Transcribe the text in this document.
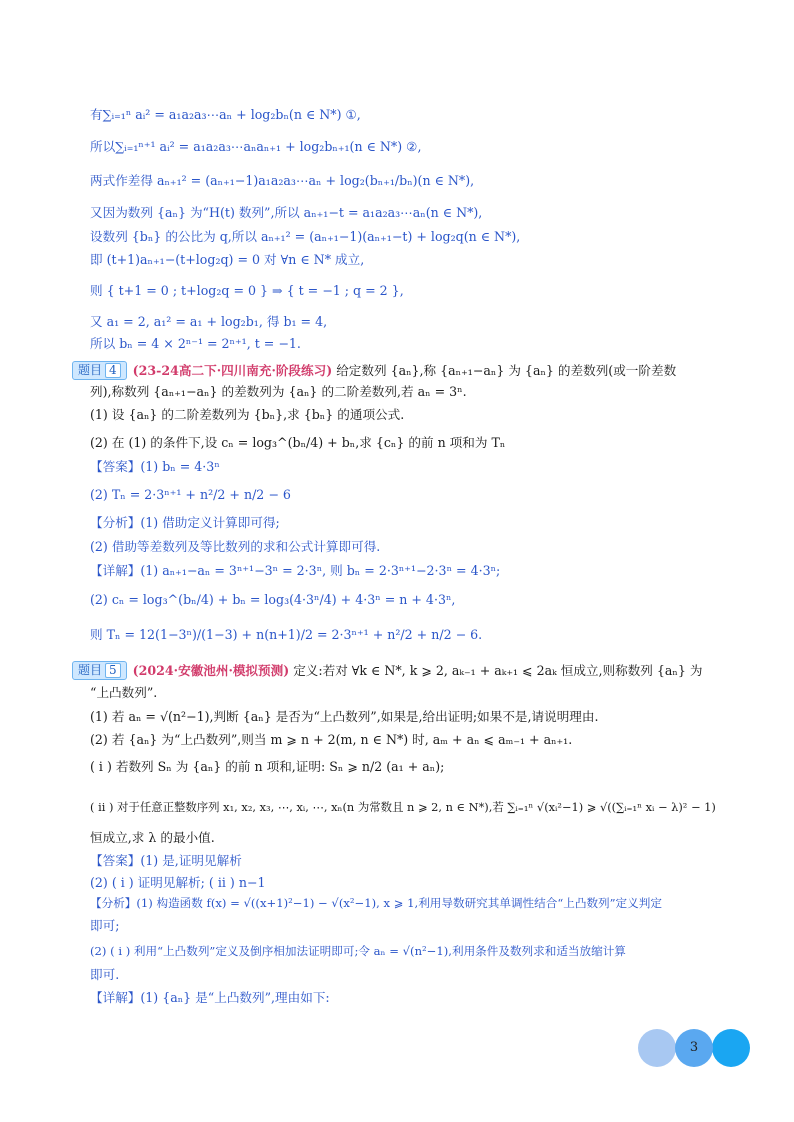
有∑ᵢ₌₁ⁿ aᵢ² = a₁a₂a₃⋯aₙ + log₂bₙ(n ∈ N*) ①,
所以∑ᵢ₌₁ⁿ⁺¹ aᵢ² = a₁a₂a₃⋯aₙaₙ₊₁ + log₂bₙ₊₁(n ∈ N*) ②,
两式作差得 aₙ₊₁² = (aₙ₊₁−1)a₁a₂a₃⋯aₙ + log₂(bₙ₊₁/bₙ)(n ∈ N*),
又因为数列 {aₙ} 为“H(t) 数列”,所以 aₙ₊₁−t = a₁a₂a₃⋯aₙ(n ∈ N*),
设数列 {bₙ} 的公比为 q,所以 aₙ₊₁² = (aₙ₊₁−1)(aₙ₊₁−t) + log₂q(n ∈ N*),
即 (t+1)aₙ₊₁−(t+log₂q) = 0 对 ∀n ∈ N* 成立,
则 { t+1 = 0 ; t+log₂q = 0 } ⇒ { t = −1 ; q = 2 },
又 a₁ = 2, a₁² = a₁ + log₂b₁, 得 b₁ = 4,
所以 bₙ = 4 × 2ⁿ⁻¹ = 2ⁿ⁺¹, t = −1.
题目 4 (23-24高二下·四川南充·阶段练习) 给定数列 {aₙ},称 {aₙ₊₁−aₙ} 为 {aₙ} 的差数列(或一阶差数
列),称数列 {aₙ₊₁−aₙ} 的差数列为 {aₙ} 的二阶差数列,若 aₙ = 3ⁿ.
(1) 设 {aₙ} 的二阶差数列为 {bₙ},求 {bₙ} 的通项公式.
(2) 在 (1) 的条件下,设 cₙ = log₃^(bₙ/4) + bₙ,求 {cₙ} 的前 n 项和为 Tₙ
【答案】(1) bₙ = 4·3ⁿ
(2) Tₙ = 2·3ⁿ⁺¹ + n²/2 + n/2 − 6
【分析】(1) 借助定义计算即可得;
(2) 借助等差数列及等比数列的求和公式计算即可得.
【详解】(1) aₙ₊₁−aₙ = 3ⁿ⁺¹−3ⁿ = 2·3ⁿ, 则 bₙ = 2·3ⁿ⁺¹−2·3ⁿ = 4·3ⁿ;
(2) cₙ = log₃^(bₙ/4) + bₙ = log₃(4·3ⁿ/4) + 4·3ⁿ = n + 4·3ⁿ,
则 Tₙ = 12(1−3ⁿ)/(1−3) + n(n+1)/2 = 2·3ⁿ⁺¹ + n²/2 + n/2 − 6.
题目 5 (2024·安徽池州·模拟预测) 定义:若对 ∀k ∈ N*, k ⩾ 2, aₖ₋₁ + aₖ₊₁ ⩽ 2aₖ 恒成立,则称数列 {aₙ} 为
“上凸数列”.
(1) 若 aₙ = √(n²−1),判断 {aₙ} 是否为“上凸数列”,如果是,给出证明;如果不是,请说明理由.
(2) 若 {aₙ} 为“上凸数列”,则当 m ⩾ n + 2(m, n ∈ N*) 时, aₘ + aₙ ⩽ aₘ₋₁ + aₙ₊₁.
( i ) 若数列 Sₙ 为 {aₙ} 的前 n 项和,证明: Sₙ ⩾ n/2 (a₁ + aₙ);
( ii ) 对于任意正整数序列 x₁, x₂, x₃, ⋯, xᵢ, ⋯, xₙ(n 为常数且 n ⩾ 2, n ∈ N*),若 ∑ᵢ₌₁ⁿ √(xᵢ²−1) ⩾ √((∑ᵢ₌₁ⁿ xᵢ − λ)² − 1)
恒成立,求 λ 的最小值.
【答案】(1) 是,证明见解析
(2) ( i ) 证明见解析; ( ii ) n−1
【分析】(1) 构造函数 f(x) = √((x+1)²−1) − √(x²−1), x ⩾ 1,利用导数研究其单调性结合“上凸数列”定义判定
即可;
(2) ( i ) 利用“上凸数列”定义及倒序相加法证明即可;令 aₙ = √(n²−1),利用条件及数列求和适当放缩计算
即可.
【详解】(1) {aₙ} 是“上凸数列”,理由如下:
3
